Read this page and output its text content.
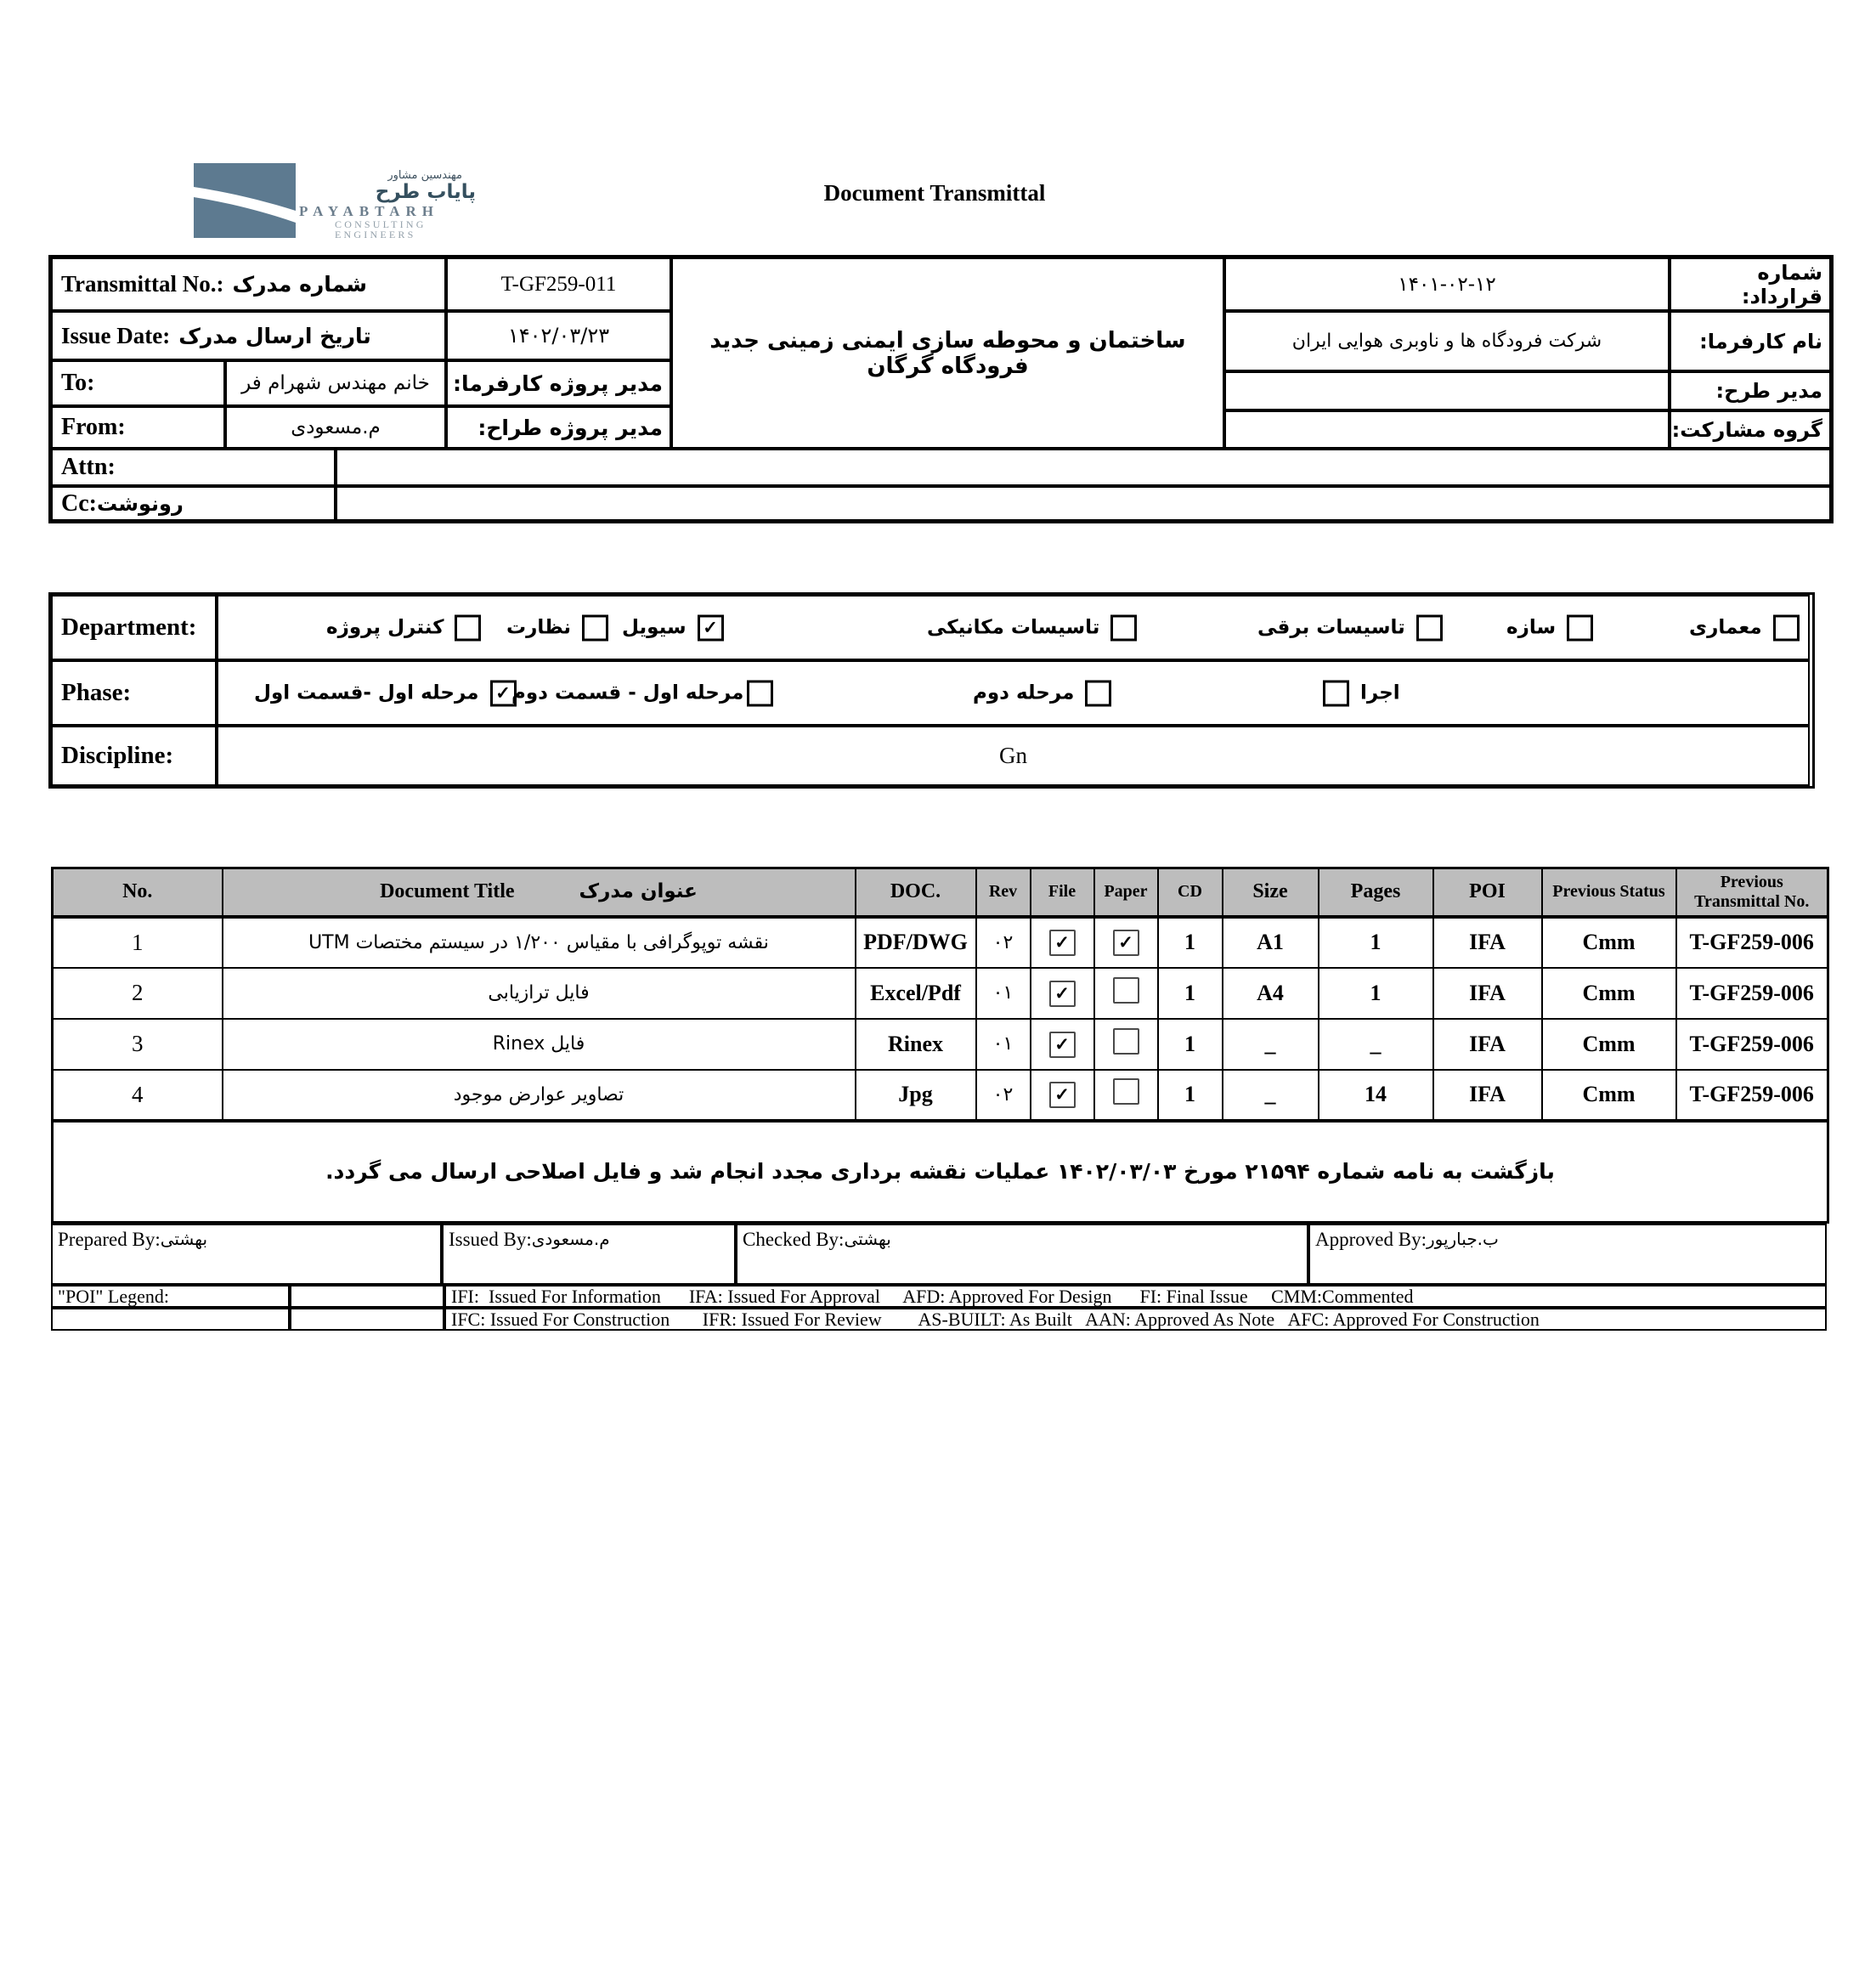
مهندسین مشاور
پایاب طرح
PAYABTARH
CONSULTING ENGINEERS
Document Transmittal
Transmittal No.: شماره مدرک	T-GF259-011
Issue Date: تاریخ ارسال مدرک	۱۴۰۲/۰۳/۲۳
To:	خانم مهندس شهرام فر	مدیر پروژه کارفرما:
From:	م.مسعودی	مدیر پروژه طراح:
ساختمان و محوطه سازی ایمنی زمینی جدید فرودگاه گرگان
۱۴۰۱-۰۲-۱۲	شماره قرارداد:
شرکت فرودگاه ها و ناوبری هوایی ایران	نام کارفرما:
مدیر طرح:
گروه مشارکت:
Attn:
Cc: رونوشت
Department:	کنترل پروژه	نظارت	سیویل ✓	تاسیسات مکانیکی	تاسیسات برقی	سازه	معماری
Phase:	مرحله اول -قسمت اول ✓ مرحله اول - قسمت دوم	مرحله دوم	اجرا
Discipline:	Gn
No.	Document Title عنوان مدرک	DOC.	Rev	File	Paper	CD	Size	Pages	POI	Previous Status	Previous Transmittal No.
1	نقشه توپوگرافی با مقیاس ۱/۲۰۰ در سیستم مختصات UTM	PDF/DWG	۰۲	✓	✓	1	A1	1	IFA	Cmm	T-GF259-006
2	فایل ترازیابی	Excel/Pdf	۰۱	✓		1	A4	1	IFA	Cmm	T-GF259-006
3	فایل Rinex	Rinex	۰۱	✓		1	_	_	IFA	Cmm	T-GF259-006
4	تصاویر عوارض موجود	Jpg	۰۲	✓		1	_	14	IFA	Cmm	T-GF259-006
بازگشت به نامه شماره ۲۱۵۹۴ مورخ ۱۴۰۲/۰۳/۰۳ عملیات نقشه برداری مجدد انجام شد و فایل اصلاحی ارسال می گردد.											
Prepared By: بهشتی	Issued By: م.مسعودی	Checked By: بهشتی	Approved By: ب.جبارپور
"POI" Legend:	IFI:  Issued For Information      IFA: Issued For Approval     AFD: Approved For Design      FI: Final Issue     CMM:Commented
IFC: Issued For Construction       IFR: Issued For Review        AS-BUILT: As Built   AAN: Approved As Note   AFC: Approved For Construction
